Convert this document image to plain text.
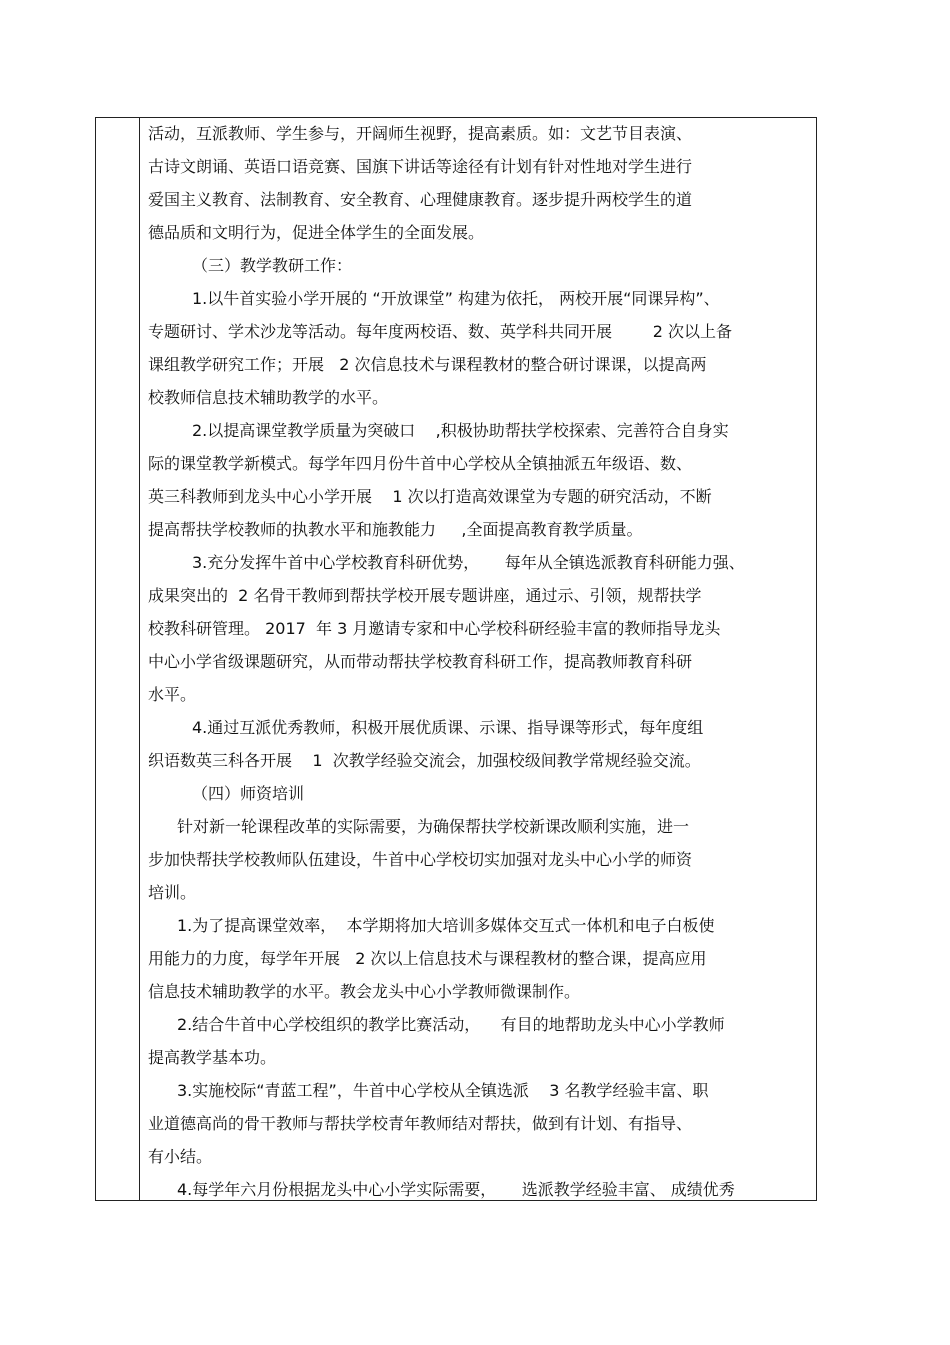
活动，互派教师、学生参与，开阔师生视野，提高素质。如：文艺节目表演、
古诗文朗诵、英语口语竞赛、国旗下讲话等途径有计划有针对性地对学生进行
爱国主义教育、法制教育、安全教育、心理健康教育。逐步提升两校学生的道
德品质和文明行为，促进全体学生的全面发展。
（三）教学教研工作：
1.以牛首实验小学开展的 “开放课堂” 构建为依托， 两校开展“同课异构”、
专题研讨、学术沙龙等活动。每年度两校语、数、英学科共同开展        2 次以上备
课组教学研究工作；开展   2 次信息技术与课程教材的整合研讨课课，以提高两
校教师信息技术辅助教学的水平。
2.以提高课堂教学质量为突破口    ,积极协助帮扶学校探索、完善符合自身实
际的课堂教学新模式。每学年四月份牛首中心学校从全镇抽派五年级语、数、
英三科教师到龙头中心小学开展    1 次以打造高效课堂为专题的研究活动，不断
提高帮扶学校教师的执教水平和施教能力     ,全面提高教育教学质量。
3.充分发挥牛首中心学校教育科研优势，     每年从全镇选派教育科研能力强、
成果突出的  2 名骨干教师到帮扶学校开展专题讲座，通过示、引领，规帮扶学
校教科研管理。 2017  年 3 月邀请专家和中心学校科研经验丰富的教师指导龙头
中心小学省级课题研究，从而带动帮扶学校教育科研工作，提高教师教育科研
水平。
4.通过互派优秀教师，积极开展优质课、示课、指导课等形式，每年度组
织语数英三科各开展    1  次教学经验交流会，加强校级间教学常规经验交流。
（四）师资培训
针对新一轮课程改革的实际需要，为确保帮扶学校新课改顺利实施，进一
步加快帮扶学校教师队伍建设，牛首中心学校切实加强对龙头中心小学的师资
培训。
1.为了提高课堂效率，  本学期将加大培训多媒体交互式一体机和电子白板使
用能力的力度，每学年开展   2 次以上信息技术与课程教材的整合课，提高应用
信息技术辅助教学的水平。教会龙头中心小学教师微课制作。
2.结合牛首中心学校组织的教学比赛活动，    有目的地帮助龙头中心小学教师
提高教学基本功。
3.实施校际“青蓝工程”，牛首中心学校从全镇选派    3 名教学经验丰富、职
业道德高尚的骨干教师与帮扶学校青年教师结对帮扶，做到有计划、有指导、
有小结。
4.每学年六月份根据龙头中心小学实际需要，     选派教学经验丰富、 成绩优秀
